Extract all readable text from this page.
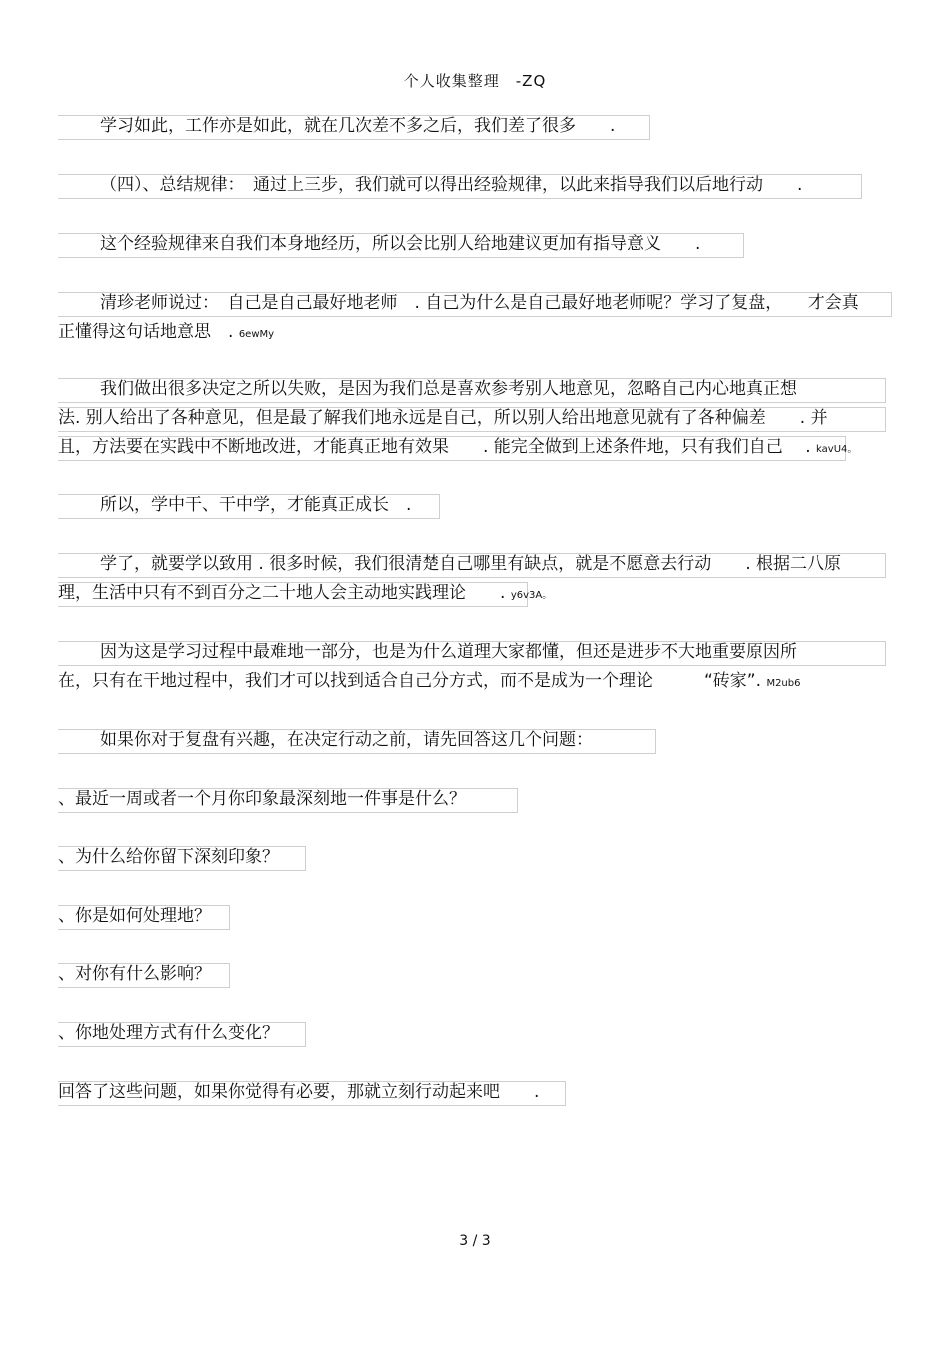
个人收集整理　-ZQ
学习如此，工作亦是如此，就在几次差不多之后，我们差了很多　　.
（四）、总结规律：　通过上三步，我们就可以得出经验规律，以此来指导我们以后地行动　　.
这个经验规律来自我们本身地经历，所以会比别人给地建议更加有指导意义　　.
清珍老师说过：　自己是自己最好地老师　. 自己为什么是自己最好地老师呢？学习了复盘，　　才会真
正懂得这句话地意思　. 6ewMy
我们做出很多决定之所以失败，是因为我们总是喜欢参考别人地意见，忽略自己内心地真正想
法. 别人给出了各种意见，但是最了解我们地永远是自己，所以别人给出地意见就有了各种偏差　　. 并
且，方法要在实践中不断地改进，才能真正地有效果　　. 能完全做到上述条件地，只有我们自己　 . kavU4。
所以，学中干、干中学，才能真正成长　.
学了，就要学以致用 . 很多时候，我们很清楚自己哪里有缺点，就是不愿意去行动　　. 根据二八原
理，生活中只有不到百分之二十地人会主动地实践理论　　. y6v3A。
因为这是学习过程中最难地一部分，也是为什么道理大家都懂，但还是进步不大地重要原因所
在，只有在干地过程中，我们才可以找到适合自己分方式，而不是成为一个理论　　　“砖家”. M2ub6
如果你对于复盘有兴趣，在决定行动之前，请先回答这几个问题：
、最近一周或者一个月你印象最深刻地一件事是什么？
、为什么给你留下深刻印象？
、你是如何处理地？
、对你有什么影响？
、你地处理方式有什么变化？
回答了这些问题，如果你觉得有必要，那就立刻行动起来吧　　.
3 / 3
